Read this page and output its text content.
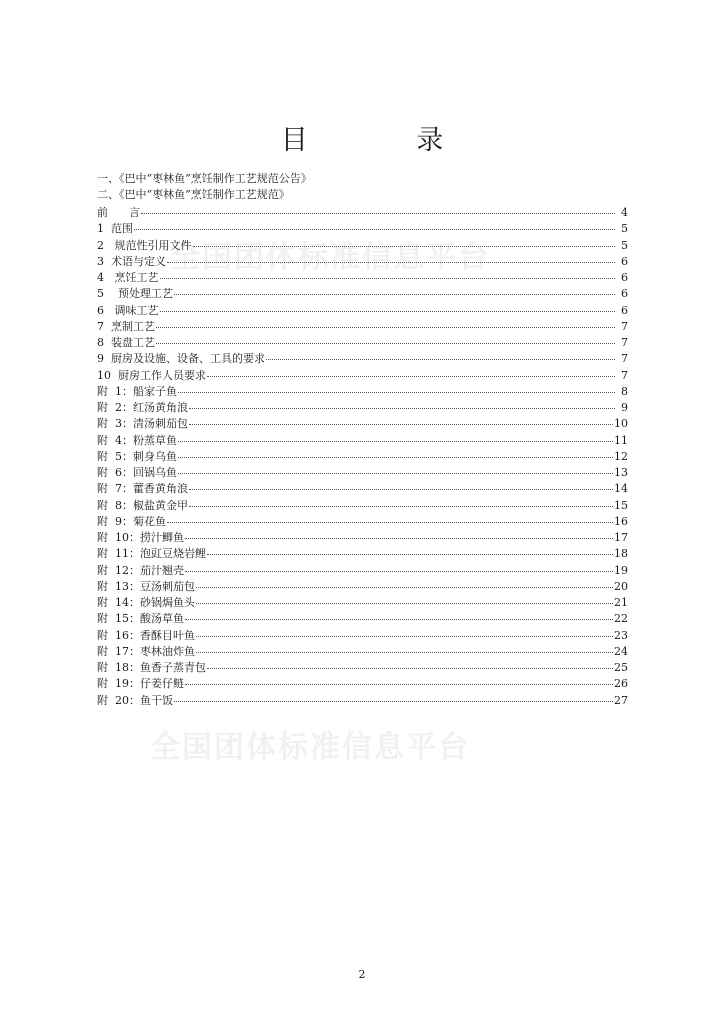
全国团体标准信息平台
全国团体标准信息平台
目 录
一、《巴中“枣林鱼”烹饪制作工艺规范公告》
二、《巴中“枣林鱼”烹饪制作工艺规范》
前      言	4
1  范围	5
2   规范性引用文件	5
3  术语与定义	6
4   烹饪工艺	6
5    预处理工艺	6
6   调味工艺	6
7  烹制工艺	7
8  装盘工艺	7
9  厨房及设施、设备、工具的要求	7
10  厨房工作人员要求	7
附  1：船家子鱼	8
附  2：红汤黄角浪	9
附  3：清汤刺茄包	10
附  4：粉蒸草鱼	11
附  5：刺身乌鱼	12
附  6：回锅乌鱼	13
附  7：藿香黄角浪	14
附  8：椒盐黄金甲	15
附  9：菊花鱼	16
附  10：捞汁鲫鱼	17
附  11：泡豇豆烧岩鲤	18
附  12：茄汁翘壳	19
附  13：豆汤刺茄包	20
附  14：砂锅焗鱼头	21
附  15：酸汤草鱼	22
附  16：香酥目叶鱼	23
附  17：枣林油炸鱼	24
附  18：鱼香子蒸青包	25
附  19：仔姜仔鲢	26
附  20：鱼干饭	27
2
